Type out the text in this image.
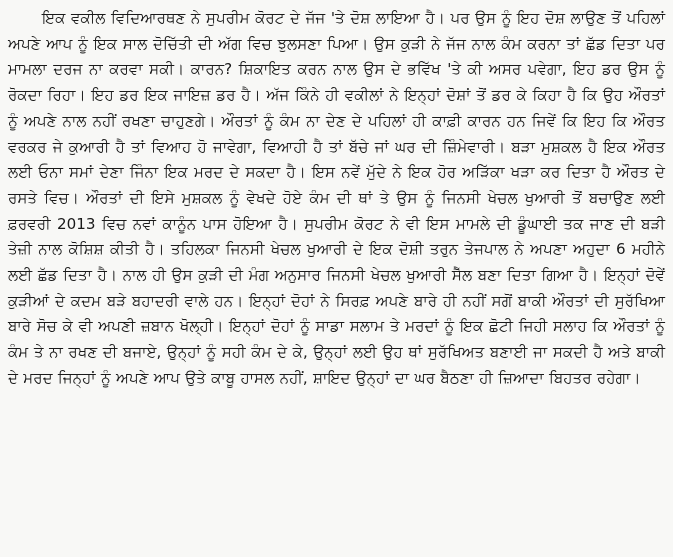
ਇਕ ਵਕੀਲ ਵਿਦਿਆਰਥਣ ਨੇ ਸੁਪਰੀਮ ਕੋਰਟ ਦੇ ਜੱਜ 'ਤੇ ਦੋਸ਼ ਲਾਇਆ ਹੈ। ਪਰ ਉਸ ਨੂੰ ਇਹ ਦੋਸ਼ ਲਾਉਣ ਤੋਂ ਪਹਿਲਾਂ ਅਪਣੇ ਆਪ ਨੂੰ ਇਕ ਸਾਲ ਦੋਚਿੱਤੀ ਦੀ ਅੱਗ ਵਿਚ ਝੁਲਸਣਾ ਪਿਆ। ਉਸ ਕੁੜੀ ਨੇ ਜੱਜ ਨਾਲ ਕੰਮ ਕਰਨਾ ਤਾਂ ਛੱਡ ਦਿਤਾ ਪਰ ਮਾਮਲਾ ਦਰਜ ਨਾ ਕਰਵਾ ਸਕੀ। ਕਾਰਨ? ਸ਼ਿਕਾਇਤ ਕਰਨ ਨਾਲ ਉਸ ਦੇ ਭਵਿੱਖ 'ਤੇ ਕੀ ਅਸਰ ਪਵੇਗਾ, ਇਹ ਡਰ ਉਸ ਨੂੰ ਰੋਕਦਾ ਰਿਹਾ। ਇਹ ਡਰ ਇਕ ਜਾਇਜ਼ ਡਰ ਹੈ। ਅੱਜ ਕਿੰਨੇ ਹੀ ਵਕੀਲਾਂ ਨੇ ਇਨ੍ਹਾਂ ਦੋਸ਼ਾਂ ਤੋਂ ਡਰ ਕੇ ਕਿਹਾ ਹੈ ਕਿ ਉਹ ਔਰਤਾਂ ਨੂੰ ਅਪਣੇ ਨਾਲ ਨਹੀਂ ਰਖਣਾ ਚਾਹੁਣਗੇ। ਔਰਤਾਂ ਨੂੰ ਕੰਮ ਨਾ ਦੇਣ ਦੇ ਪਹਿਲਾਂ ਹੀ ਕਾਫ਼ੀ ਕਾਰਨ ਹਨ ਜਿਵੇਂ ਕਿ ਇਹ ਕਿ ਔਰਤ ਵਰਕਰ ਜੇ ਕੁਆਰੀ ਹੈ ਤਾਂ ਵਿਆਹ ਹੋ ਜਾਵੇਗਾ, ਵਿਆਹੀ ਹੈ ਤਾਂ ਬੱਚੇ ਜਾਂ ਘਰ ਦੀ ਜ਼ਿੰਮੇਵਾਰੀ। ਬੜਾ ਮੁਸ਼ਕਲ ਹੈ ਇਕ ਔਰਤ ਲਈ ਓਨਾ ਸਮਾਂ ਦੇਣਾ ਜਿੰਨਾ ਇਕ ਮਰਦ ਦੇ ਸਕਦਾ ਹੈ। ਇਸ ਨਵੇਂ ਮੁੱਦੇ ਨੇ ਇਕ ਹੋਰ ਅੜਿੱਕਾ ਖੜਾ ਕਰ ਦਿਤਾ ਹੈ ਔਰਤ ਦੇ ਰਸਤੇ ਵਿਚ। ਔਰਤਾਂ ਦੀ ਇਸੇ ਮੁਸ਼ਕਲ ਨੂੰ ਵੇਖਦੇ ਹੋਏ ਕੰਮ ਦੀ ਥਾਂ ਤੇ ਉਸ ਨੂੰ ਜਿਨਸੀ ਖੇਚਲ ਖੁਆਰੀ ਤੋਂ ਬਚਾਉਣ ਲਈ ਫ਼ਰਵਰੀ 2013 ਵਿਚ ਨਵਾਂ ਕਾਨੂੰਨ ਪਾਸ ਹੋਇਆ ਹੈ। ਸੁਪਰੀਮ ਕੋਰਟ ਨੇ ਵੀ ਇਸ ਮਾਮਲੇ ਦੀ ਡੂੰਘਾਈ ਤਕ ਜਾਣ ਦੀ ਬੜੀ ਤੇਜ਼ੀ ਨਾਲ ਕੋਸ਼ਿਸ਼ ਕੀਤੀ ਹੈ। ਤਹਿਲਕਾ ਜਿਨਸੀ ਖੇਚਲ ਖੁਆਰੀ ਦੇ ਇਕ ਦੋਸ਼ੀ ਤਰੁਨ ਤੇਜਪਾਲ ਨੇ ਅਪਣਾ ਅਹੁਦਾ 6 ਮਹੀਨੇ ਲਈ ਛੱਡ ਦਿਤਾ ਹੈ। ਨਾਲ ਹੀ ਉਸ ਕੁੜੀ ਦੀ ਮੰਗ ਅਨੁਸਾਰ ਜਿਨਸੀ ਖੇਚਲ ਖੁਆਰੀ ਸੈੱਲ ਬਣਾ ਦਿਤਾ ਗਿਆ ਹੈ। ਇਨ੍ਹਾਂ ਦੋਵੇਂ ਕੁੜੀਆਂ ਦੇ ਕਦਮ ਬੜੇ ਬਹਾਦਰੀ ਵਾਲੇ ਹਨ। ਇਨ੍ਹਾਂ ਦੋਹਾਂ ਨੇ ਸਿਰਫ਼ ਅਪਣੇ ਬਾਰੇ ਹੀ ਨਹੀਂ ਸਗੋਂ ਬਾਕੀ ਔਰਤਾਂ ਦੀ ਸੁਰੱਖਿਆ ਬਾਰੇ ਸੋਚ ਕੇ ਵੀ ਅਪਣੀ ਜ਼ਬਾਨ ਖੋਲ੍ਹੀ। ਇਨ੍ਹਾਂ ਦੋਹਾਂ ਨੂੰ ਸਾਡਾ ਸਲਾਮ ਤੇ ਮਰਦਾਂ ਨੂੰ ਇਕ ਛੋਟੀ ਜਿਹੀ ਸਲਾਹ ਕਿ ਔਰਤਾਂ ਨੂੰ ਕੰਮ ਤੇ ਨਾ ਰਖਣ ਦੀ ਬਜਾਏ, ਉਨ੍ਹਾਂ ਨੂੰ ਸਹੀ ਕੰਮ ਦੇ ਕੇ, ਉਨ੍ਹਾਂ ਲਈ ਉਹ ਥਾਂ ਸੁਰੱਖਿਅਤ ਬਣਾਈ ਜਾ ਸਕਦੀ ਹੈ ਅਤੇ ਬਾਕੀ ਦੇ ਮਰਦ ਜਿਨ੍ਹਾਂ ਨੂੰ ਅਪਣੇ ਆਪ ਉਤੇ ਕਾਬੂ ਹਾਸਲ ਨਹੀਂ, ਸ਼ਾਇਦ ਉਨ੍ਹਾਂ ਦਾ ਘਰ ਬੈਠਣਾ ਹੀ ਜ਼ਿਆਦਾ ਬਿਹਤਰ ਰਹੇਗਾ।
